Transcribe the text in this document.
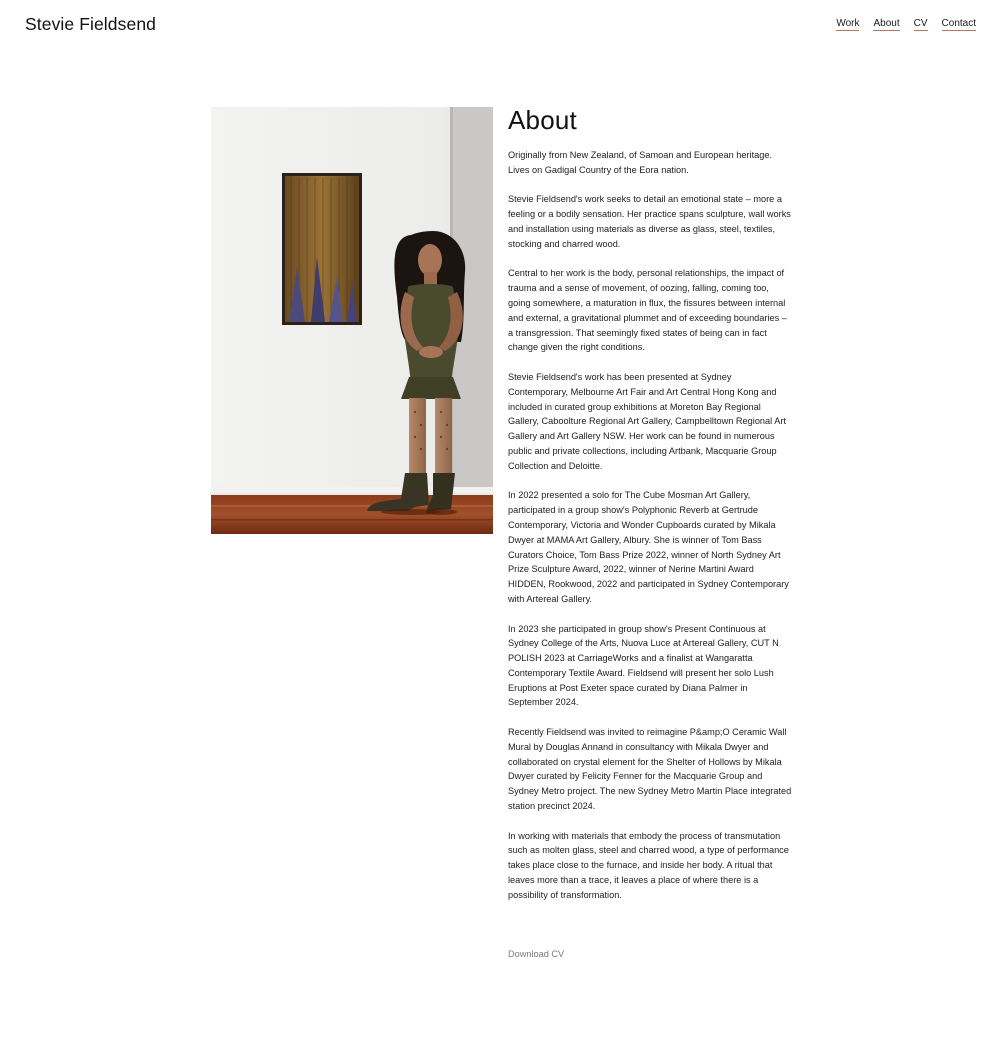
Stevie Fieldsend	Work About CV Contact
About

Originally from New Zealand, of Samoan and European heritage. Lives on Gadigal Country of the Eora nation.

Stevie Fieldsend's work seeks to detail an emotional state – more a feeling or a bodily sensation. Her practice spans sculpture, wall works and installation using materials as diverse as glass, steel, textiles, stocking and charred wood.

Central to her work is the body, personal relationships, the impact of trauma and a sense of movement, of oozing, falling, coming too, going somewhere, a maturation in flux, the fissures between internal and external, a gravitational plummet and of exceeding boundaries – a transgression. That seemingly fixed states of being can in fact change given the right conditions.

Stevie Fieldsend's work has been presented at Sydney Contemporary, Melbourne Art Fair and Art Central Hong Kong and included in curated group exhibitions at Moreton Bay Regional Gallery, Caboolture Regional Art Gallery, Campbelltown Regional Art Gallery and Art Gallery NSW. Her work can be found in numerous public and private collections, including Artbank, Macquarie Group Collection and Deloitte.

In 2022 presented a solo for The Cube Mosman Art Gallery, participated in a group show's Polyphonic Reverb at Gertrude Contemporary, Victoria and Wonder Cupboards curated by Mikala Dwyer at MAMA Art Gallery, Albury. She is winner of Tom Bass Curators Choice, Tom Bass Prize 2022, winner of North Sydney Art Prize Sculpture Award, 2022, winner of Nerine Martini Award HIDDEN, Rookwood, 2022 and participated in Sydney Contemporary with Artereal Gallery.

In 2023 she participated in group show's Present Continuous at Sydney College of the Arts, Nuova Luce at Artereal Gallery, CUT N POLISH 2023 at CarriageWorks and a finalist at Wangaratta Contemporary Textile Award. Fieldsend will present her solo Lush Eruptions at Post Exeter space curated by Diana Palmer in September 2024.

Recently Fieldsend was invited to reimagine P&amp;O Ceramic Wall Mural by Douglas Annand in consultancy with Mikala Dwyer and collaborated on crystal element for the Shelter of Hollows by Mikala Dwyer curated by Felicity Fenner for the Macquarie Group and Sydney Metro project. The new Sydney Metro Martin Place integrated station precinct 2024.

In working with materials that embody the process of transmutation such as molten glass, steel and charred wood, a type of performance takes place close to the furnace, and inside her body. A ritual that leaves more than a trace, it leaves a place of where there is a possibility of transformation.

Download CV
